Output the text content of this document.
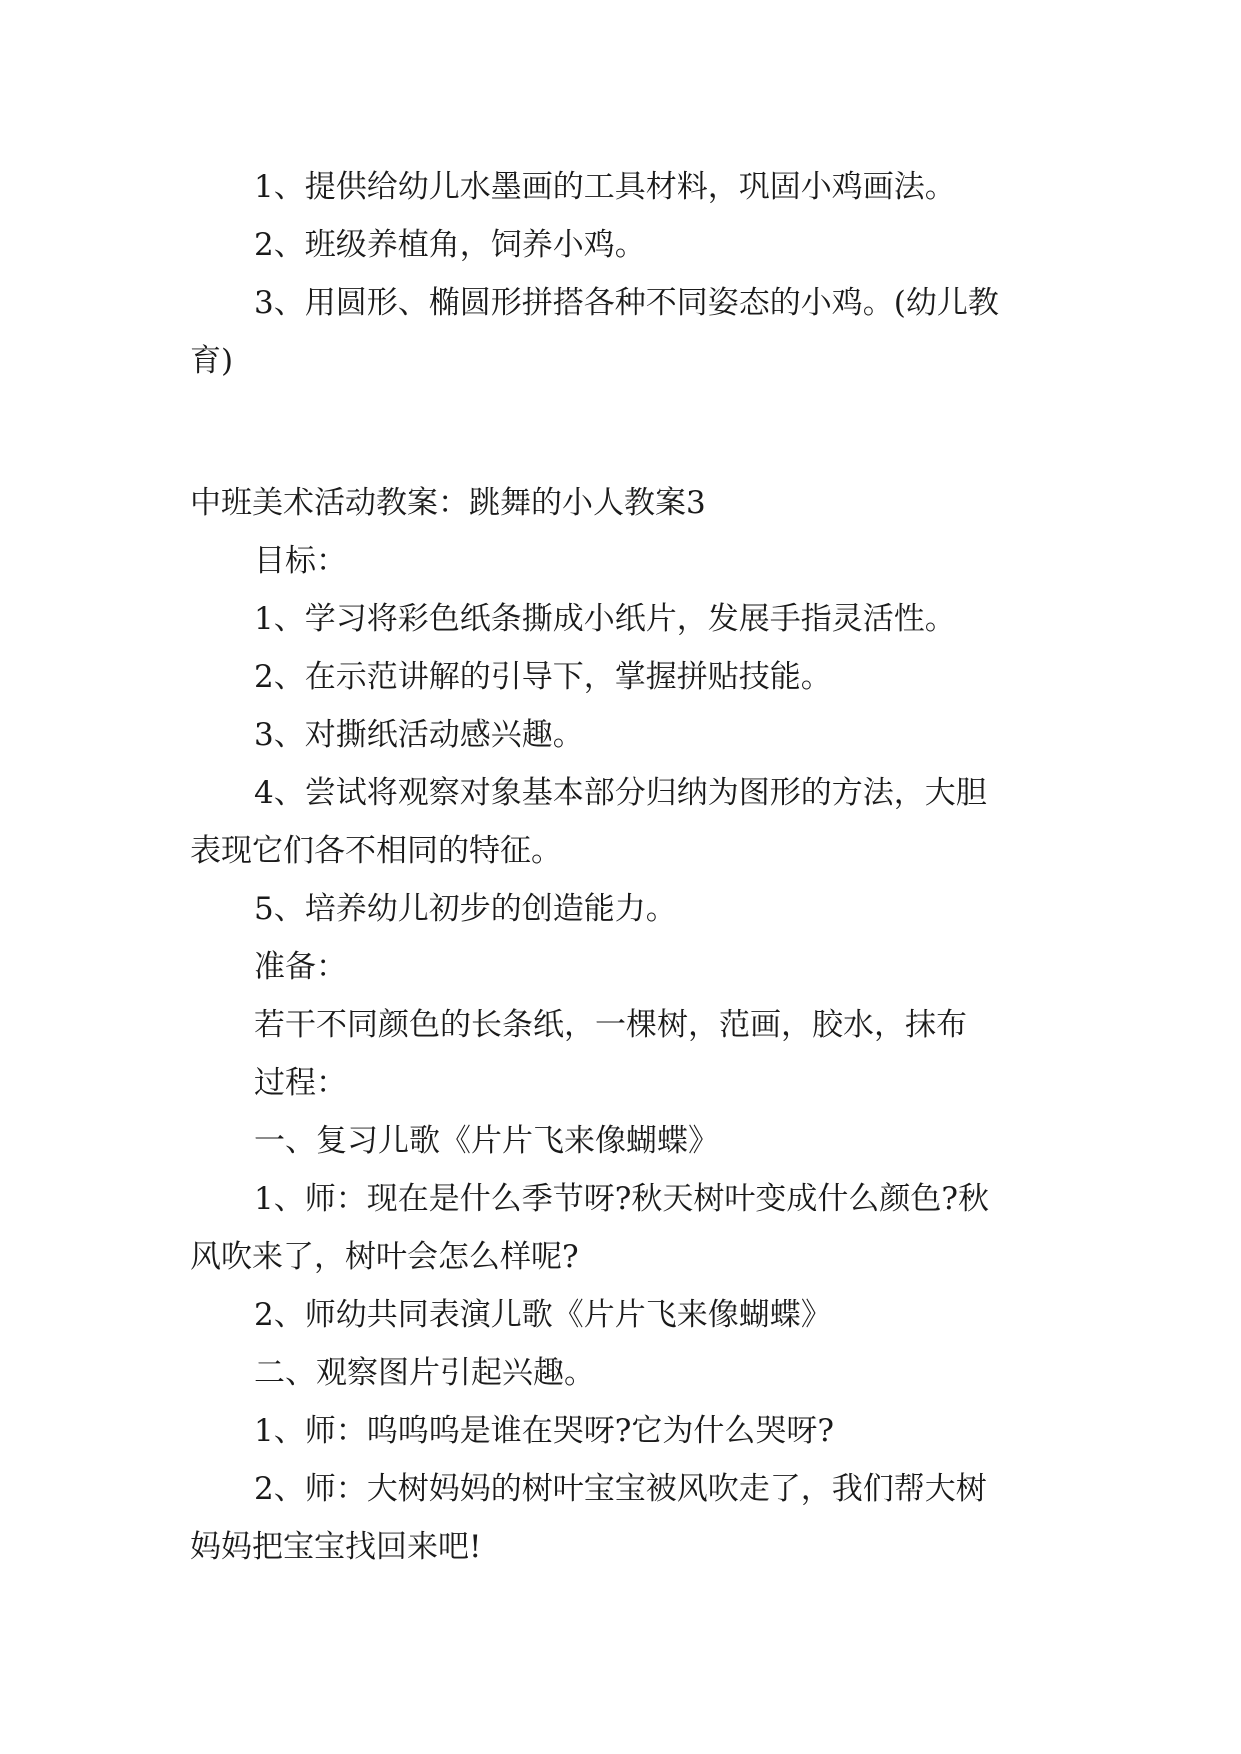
1、提供给幼儿水墨画的工具材料，巩固小鸡画法。
2、班级养植角，饲养小鸡。
3、用圆形、椭圆形拼搭各种不同姿态的小鸡。(幼儿教
育)
中班美术活动教案：跳舞的小人教案3
目标：
1、学习将彩色纸条撕成小纸片，发展手指灵活性。
2、在示范讲解的引导下，掌握拼贴技能。
3、对撕纸活动感兴趣。
4、尝试将观察对象基本部分归纳为图形的方法，大胆
表现它们各不相同的特征。
5、培养幼儿初步的创造能力。
准备：
若干不同颜色的长条纸，一棵树，范画，胶水，抹布
过程：
一、复习儿歌《片片飞来像蝴蝶》
1、师：现在是什么季节呀?秋天树叶变成什么颜色?秋
风吹来了，树叶会怎么样呢?
2、师幼共同表演儿歌《片片飞来像蝴蝶》
二、观察图片引起兴趣。
1、师：呜呜呜是谁在哭呀?它为什么哭呀?
2、师：大树妈妈的树叶宝宝被风吹走了，我们帮大树
妈妈把宝宝找回来吧!
